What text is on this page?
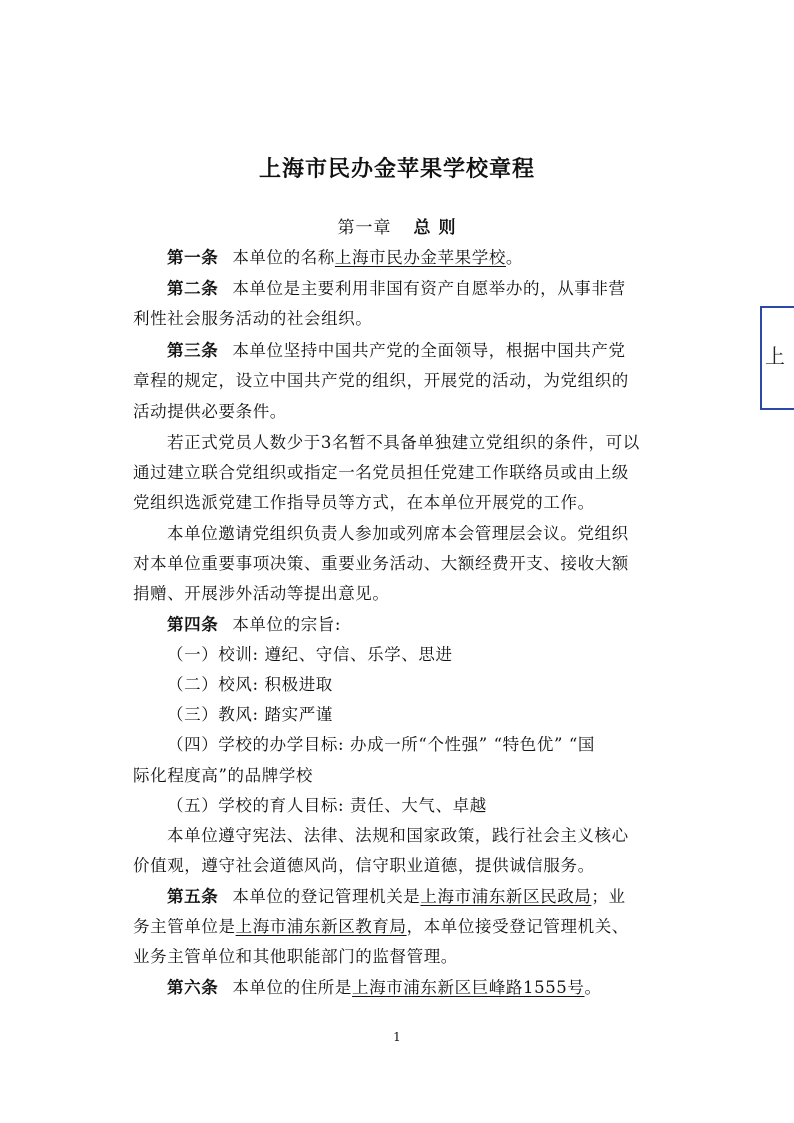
上海市民办金苹果学校章程
第一章 总 则
第一条 本单位的名称上海市民办金苹果学校。
第二条 本单位是主要利用非国有资产自愿举办的，从事非营
利性社会服务活动的社会组织。
第三条 本单位坚持中国共产党的全面领导，根据中国共产党
章程的规定，设立中国共产党的组织，开展党的活动，为党组织的
活动提供必要条件。
若正式党员人数少于3名暂不具备单独建立党组织的条件，可以
通过建立联合党组织或指定一名党员担任党建工作联络员或由上级
党组织选派党建工作指导员等方式，在本单位开展党的工作。
本单位邀请党组织负责人参加或列席本会管理层会议。党组织
对本单位重要事项决策、重要业务活动、大额经费开支、接收大额
捐赠、开展涉外活动等提出意见。
第四条 本单位的宗旨:
（一）校训: 遵纪、守信、乐学、思进
（二）校风: 积极进取
（三）教风: 踏实严谨
（四）学校的办学目标: 办成一所“个性强” “特色优” “国
际化程度高”的品牌学校
（五）学校的育人目标: 责任、大气、卓越
本单位遵守宪法、法律、法规和国家政策，践行社会主义核心
价值观，遵守社会道德风尚，信守职业道德，提供诚信服务。
第五条 本单位的登记管理机关是上海市浦东新区民政局；业
务主管单位是上海市浦东新区教育局，本单位接受登记管理机关、
业务主管单位和其他职能部门的监督管理。
第六条 本单位的住所是上海市浦东新区巨峰路1555号。
上
1
